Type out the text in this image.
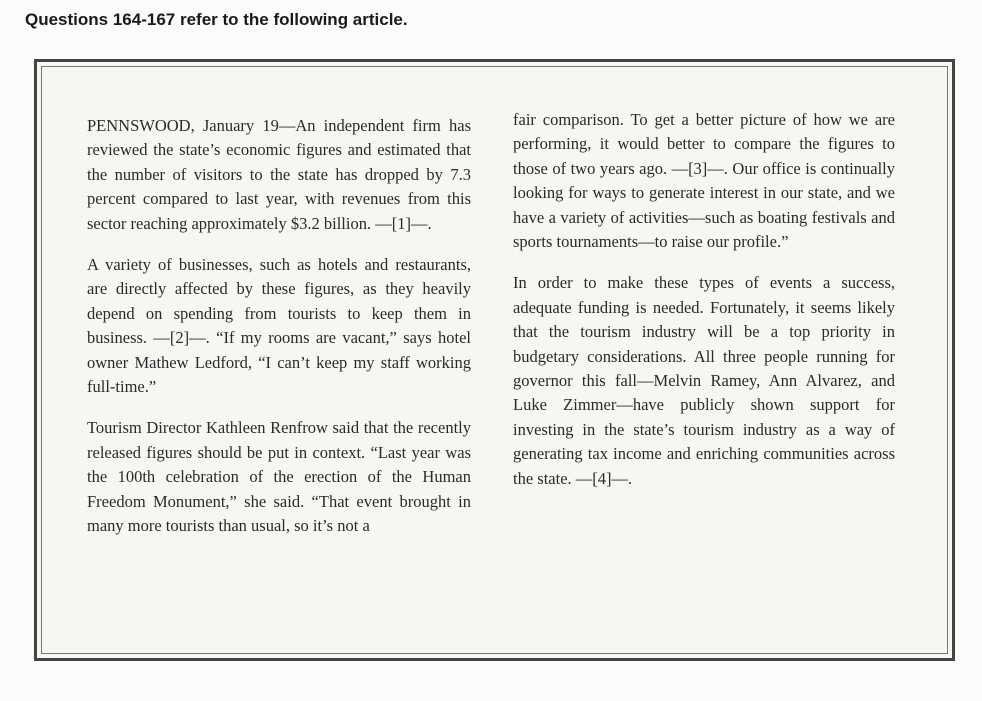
Questions 164-167 refer to the following article.

PENNSWOOD, January 19—An independent firm has reviewed the state’s economic figures and estimated that the number of visitors to the state has dropped by 7.3 percent compared to last year, with revenues from this sector reaching approximately $3.2 billion. —[1]—.

A variety of businesses, such as hotels and restaurants, are directly affected by these figures, as they heavily depend on spending from tourists to keep them in business. —[2]—. “If my rooms are vacant,” says hotel owner Mathew Ledford, “I can’t keep my staff working full-time.”

Tourism Director Kathleen Renfrow said that the recently released figures should be put in context. “Last year was the 100th celebration of the erection of the Human Freedom Monument,” she said. “That event brought in many more tourists than usual, so it’s not a

fair comparison. To get a better picture of how we are performing, it would better to compare the figures to those of two years ago. —[3]—. Our office is continually looking for ways to generate interest in our state, and we have a variety of activities—such as boating festivals and sports tournaments—to raise our profile.”

In order to make these types of events a success, adequate funding is needed. Fortunately, it seems likely that the tourism industry will be a top priority in budgetary considerations. All three people running for governor this fall—Melvin Ramey, Ann Alvarez, and Luke Zimmer—have publicly shown support for investing in the state’s tourism industry as a way of generating tax income and enriching communities across the state. —[4]—.
